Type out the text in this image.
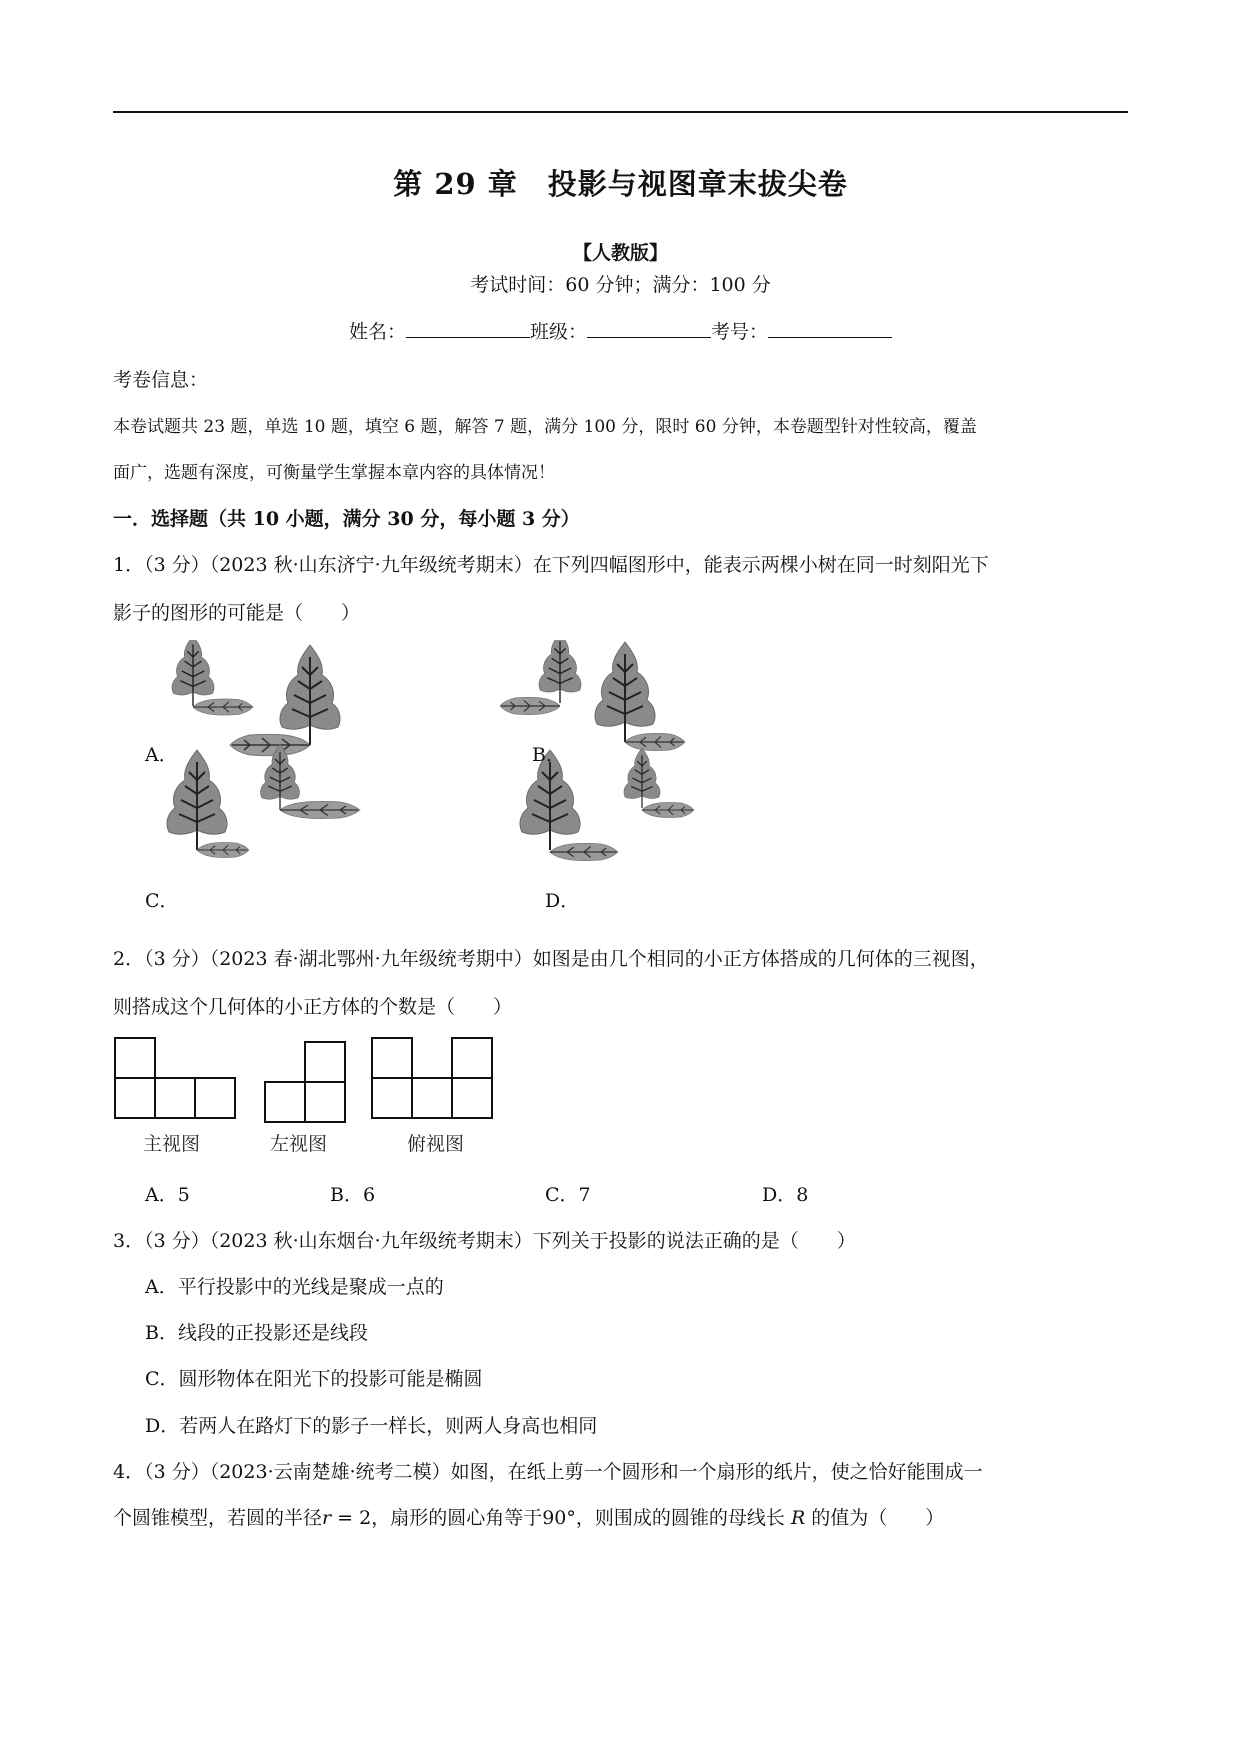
第 29 章　投影与视图章末拔尖卷
【人教版】
考试时间：60 分钟；满分：100 分
姓名：	班级：	考号：
考卷信息：
本卷试题共 23 题，单选 10 题，填空 6 题，解答 7 题，满分 100 分，限时 60 分钟，本卷题型针对性较高，覆盖
面广，选题有深度，可衡量学生掌握本章内容的具体情况！
一．选择题（共 10 小题，满分 30 分，每小题 3 分）
1．（3 分）（2023 秋·山东济宁·九年级统考期末）在下列四幅图形中，能表示两棵小树在同一时刻阳光下
影子的图形的可能是（　　）
A．	B．
C．	D．
2．（3 分）（2023 春·湖北鄂州·九年级统考期中）如图是由几个相同的小正方体搭成的几何体的三视图，
则搭成这个几何体的小正方体的个数是（　　）
主视图	左视图	俯视图
A．5	B．6	C．7	D．8
3．（3 分）（2023 秋·山东烟台·九年级统考期末）下列关于投影的说法正确的是（　　）
A．平行投影中的光线是聚成一点的
B．线段的正投影还是线段
C．圆形物体在阳光下的投影可能是椭圆
D．若两人在路灯下的影子一样长，则两人身高也相同
4．（3 分）（2023·云南楚雄·统考二模）如图，在纸上剪一个圆形和一个扇形的纸片，使之恰好能围成一
个圆锥模型，若圆的半径r = 2，扇形的圆心角等于90°，则围成的圆锥的母线长 R 的值为（　　）
